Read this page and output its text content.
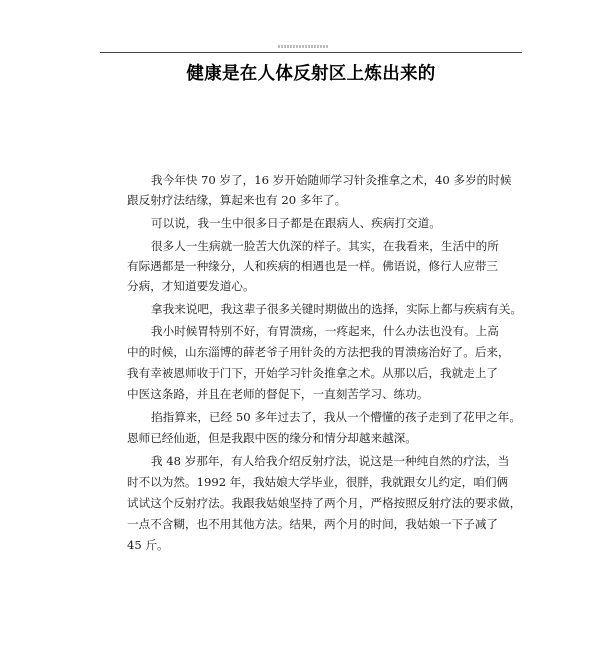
健康是在人体反射区上炼出来的
我今年快 70 岁了，16 岁开始随师学习针灸推拿之术，40 多岁的时候
跟反射疗法结缘，算起来也有 20 多年了。
可以说，我一生中很多日子都是在跟病人、疾病打交道。
很多人一生病就一脸苦大仇深的样子。其实，在我看来，生活中的所
有际遇都是一种缘分，人和疾病的相遇也是一样。佛语说，修行人应带三
分病，才知道要发道心。
拿我来说吧，我这辈子很多关键时期做出的选择，实际上都与疾病有关。
我小时候胃特别不好，有胃溃疡，一疼起来，什么办法也没有。上高
中的时候，山东淄博的薛老爷子用针灸的方法把我的胃溃疡治好了。后来，
我有幸被恩师收于门下，开始学习针灸推拿之术。从那以后，我就走上了
中医这条路，并且在老师的督促下，一直刻苦学习、练功。
掐指算来，已经 50 多年过去了，我从一个懵懂的孩子走到了花甲之年。
恩师已经仙逝，但是我跟中医的缘分和情分却越来越深。
我 48 岁那年，有人给我介绍反射疗法，说这是一种纯自然的疗法，当
时不以为然。1992 年，我姑娘大学毕业，很胖，我就跟女儿约定，咱们俩
试试这个反射疗法。我跟我姑娘坚持了两个月，严格按照反射疗法的要求做，
一点不含糊，也不用其他方法。结果，两个月的时间，我姑娘一下子减了
45 斤。
